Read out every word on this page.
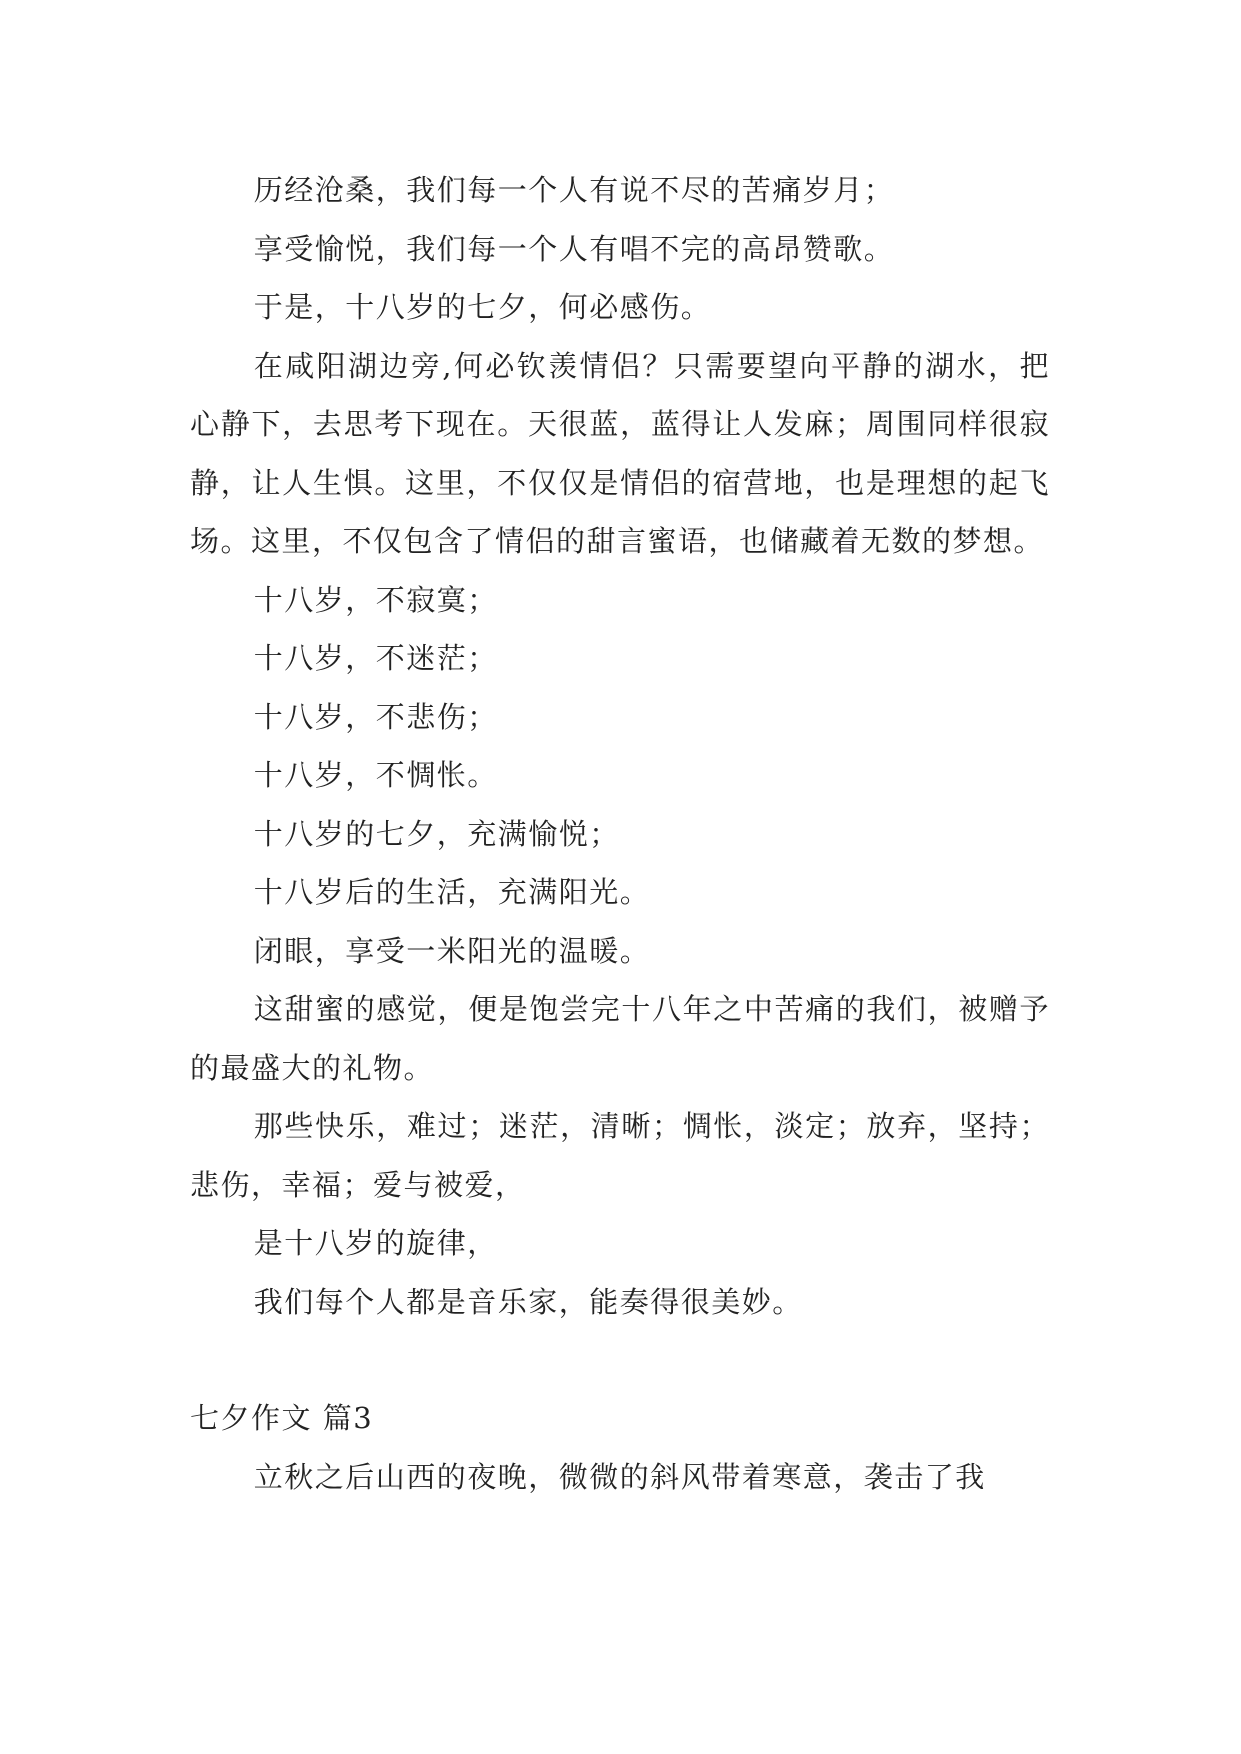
历经沧桑，我们每一个人有说不尽的苦痛岁月；

享受愉悦，我们每一个人有唱不完的高昂赞歌。

于是，十八岁的七夕，何必感伤。

在咸阳湖边旁,何必钦羡情侣？只需要望向平静的湖水，把心静下，去思考下现在。天很蓝，蓝得让人发麻；周围同样很寂静，让人生惧。这里，不仅仅是情侣的宿营地，也是理想的起飞场。这里，不仅包含了情侣的甜言蜜语，也储藏着无数的梦想。

十八岁，不寂寞；

十八岁，不迷茫；

十八岁，不悲伤；

十八岁，不惆怅。

十八岁的七夕，充满愉悦；

十八岁后的生活，充满阳光。

闭眼，享受一米阳光的温暖。

这甜蜜的感觉，便是饱尝完十八年之中苦痛的我们，被赠予的最盛大的礼物。

那些快乐，难过；迷茫，清晰；惆怅，淡定；放弃，坚持；悲伤，幸福；爱与被爱，

是十八岁的旋律，

我们每个人都是音乐家，能奏得很美妙。

七夕作文 篇3

立秋之后山西的夜晚，微微的斜风带着寒意，袭击了我
